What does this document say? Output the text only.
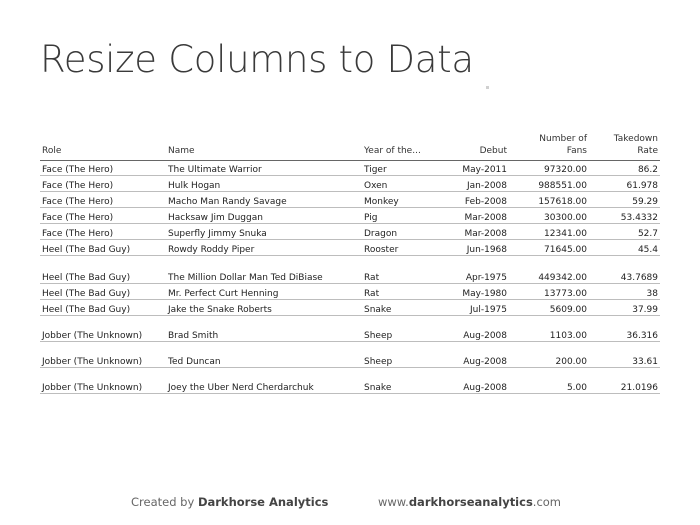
Resize Columns to Data
Role	Name	Year of the...	Debut	Number of Fans	Takedown Rate
Face (The Hero)	The Ultimate Warrior	Tiger	May-2011	97320.00	86.2
Face (The Hero)	Hulk Hogan	Oxen	Jan-2008	988551.00	61.978
Face (The Hero)	Macho Man Randy Savage	Monkey	Feb-2008	157618.00	59.29
Face (The Hero)	Hacksaw Jim Duggan	Pig	Mar-2008	30300.00	53.4332
Face (The Hero)	Superfly Jimmy Snuka	Dragon	Mar-2008	12341.00	52.7
Heel (The Bad Guy)	Rowdy Roddy Piper	Rooster	Jun-1968	71645.00	45.4
Heel (The Bad Guy)	The Million Dollar Man Ted DiBiase	Rat	Apr-1975	449342.00	43.7689
Heel (The Bad Guy)	Mr. Perfect Curt Henning	Rat	May-1980	13773.00	38
Heel (The Bad Guy)	Jake the Snake Roberts	Snake	Jul-1975	5609.00	37.99
Jobber (The Unknown)	Brad Smith	Sheep	Aug-2008	1103.00	36.316
Jobber (The Unknown)	Ted Duncan	Sheep	Aug-2008	200.00	33.61
Jobber (The Unknown)	Joey the Uber Nerd Cherdarchuk	Snake	Aug-2008	5.00	21.0196
Created by Darkhorse Analytics	www.darkhorseanalytics.com
